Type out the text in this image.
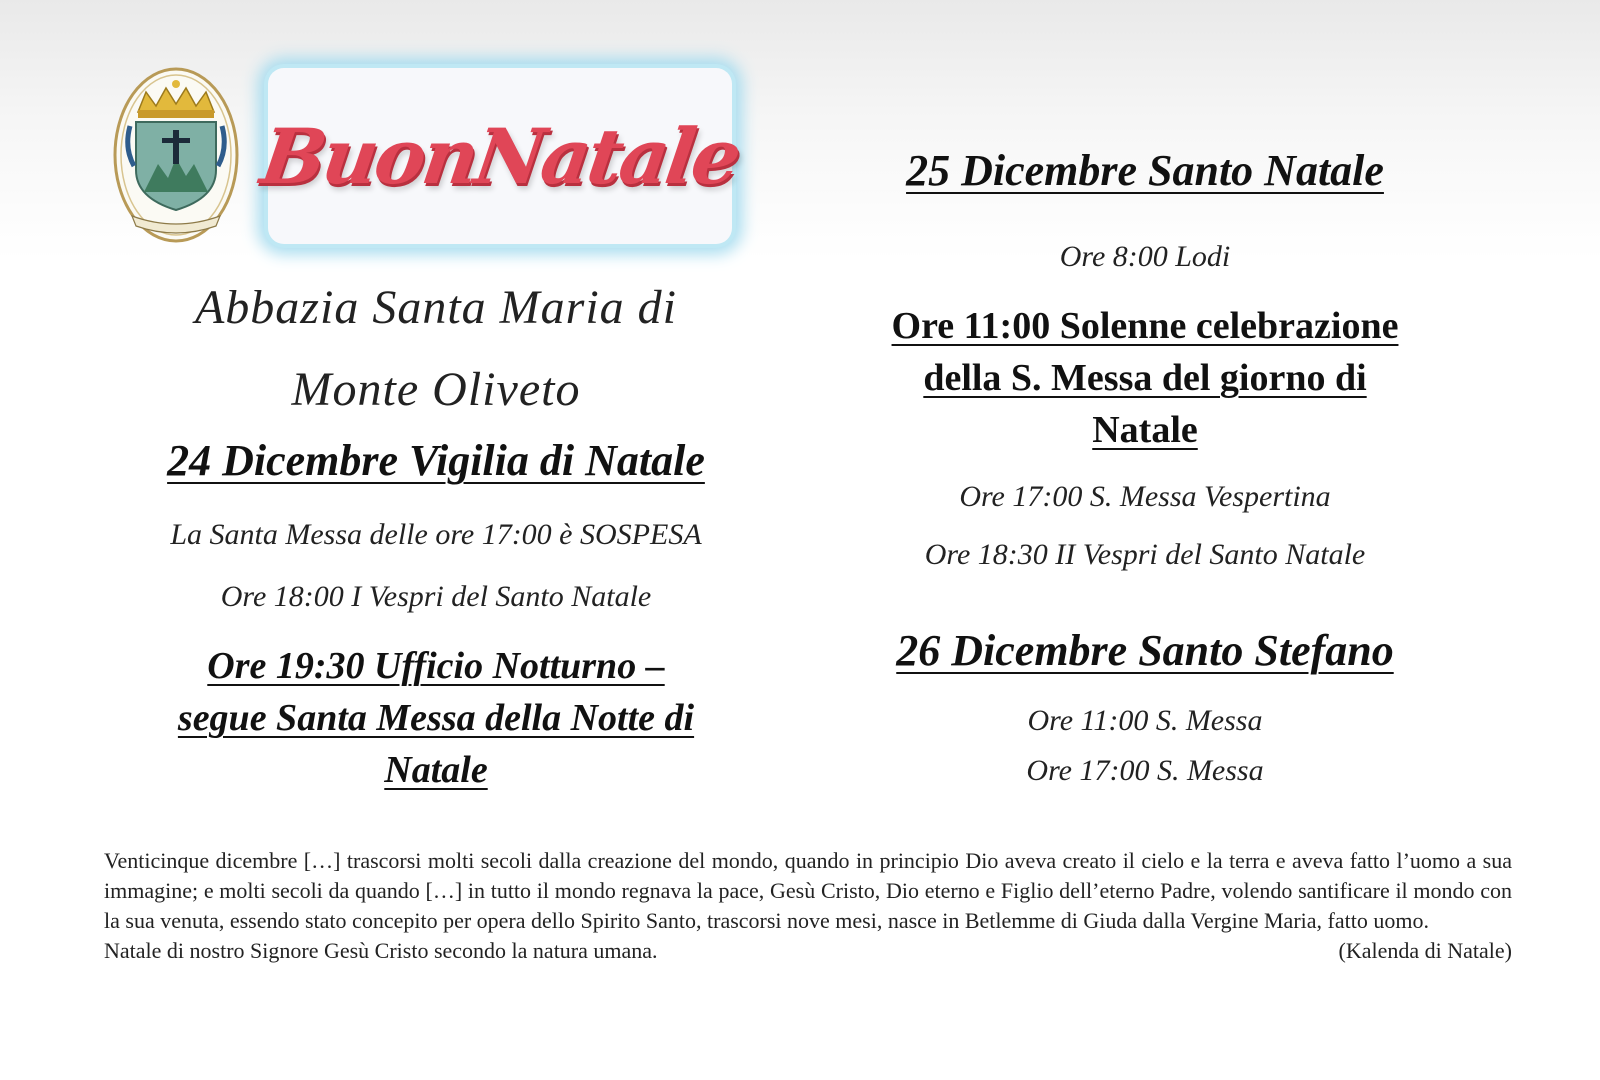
BuonNatale
Abbazia Santa Maria di
Monte Oliveto
24 Dicembre Vigilia di Natale
La Santa Messa delle ore 17:00 è SOSPESA
Ore 18:00 I Vespri del Santo Natale
Ore 19:30 Ufficio Notturno –
segue Santa Messa della Notte di
Natale
25 Dicembre Santo Natale
Ore 8:00 Lodi
Ore 11:00 Solenne celebrazione
della S. Messa del giorno di
Natale
Ore 17:00 S. Messa Vespertina
Ore 18:30 II Vespri del Santo Natale
26 Dicembre Santo Stefano
Ore 11:00 S. Messa
Ore 17:00 S. Messa
Venticinque dicembre […] trascorsi molti secoli dalla creazione del mondo, quando in principio Dio aveva creato il cielo e la terra e aveva fatto l’uomo a sua immagine; e molti secoli da quando […] in tutto il mondo regnava la pace, Gesù Cristo, Dio eterno e Figlio dell’eterno Padre, volendo santificare il mondo con la sua venuta, essendo stato concepito per opera dello Spirito Santo, trascorsi nove mesi, nasce in Betlemme di Giuda dalla Vergine Maria, fatto uomo.
Natale di nostro Signore Gesù Cristo secondo la natura umana.	(Kalenda di Natale)
